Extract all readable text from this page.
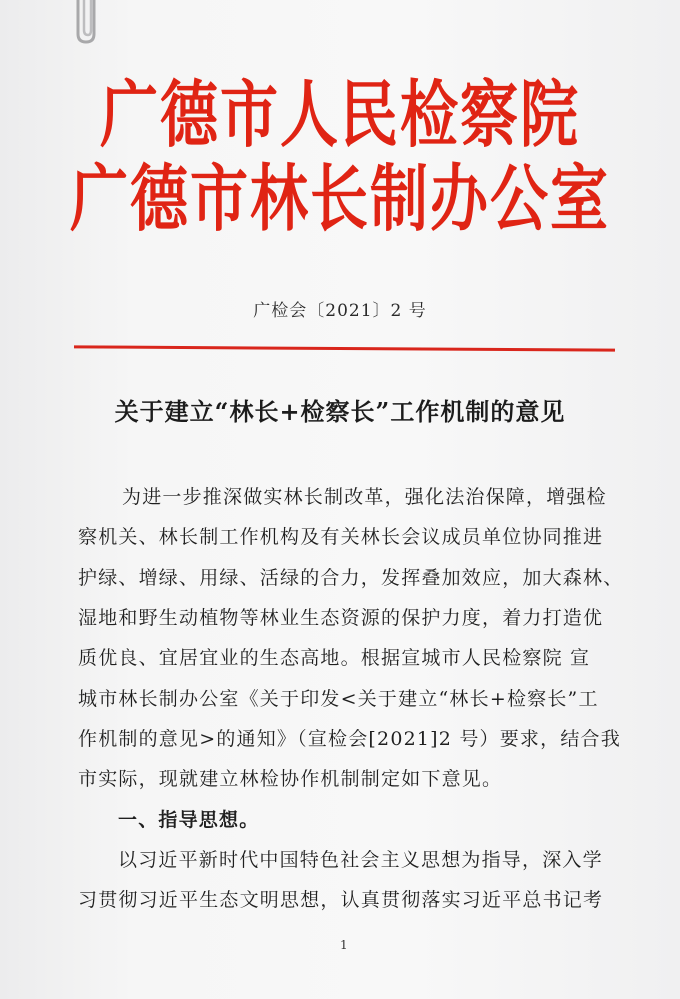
广德市人民检察院
广德市林长制办公室
广检会〔2021〕2 号
关于建立“林长+检察长”工作机制的意见
为进一步推深做实林长制改革，强化法治保障，增强检
察机关、林长制工作机构及有关林长会议成员单位协同推进
护绿、增绿、用绿、活绿的合力，发挥叠加效应，加大森林、
湿地和野生动植物等林业生态资源的保护力度，着力打造优
质优良、宜居宜业的生态高地。根据宣城市人民检察院 宣
城市林长制办公室《关于印发<关于建立“林长+检察长”工
作机制的意见>的通知》（宣检会[2021]2 号）要求，结合我
市实际，现就建立林检协作机制制定如下意见。
一、指导思想。
以习近平新时代中国特色社会主义思想为指导，深入学
习贯彻习近平生态文明思想，认真贯彻落实习近平总书记考
1
